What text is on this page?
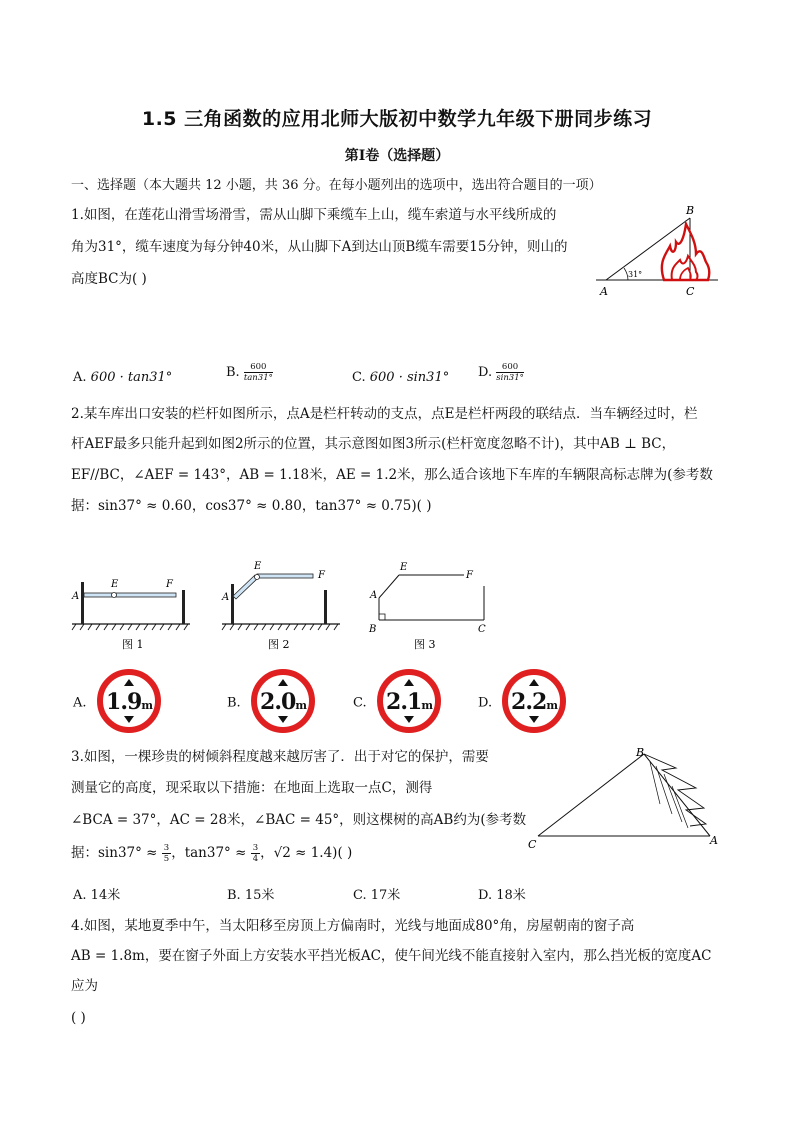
1.5 三角函数的应用北师大版初中数学九年级下册同步练习
第I卷（选择题）
一、选择题（本大题共 12 小题，共 36 分。在每小题列出的选项中，选出符合题目的一项）
1.如图，在莲花山滑雪场滑雪，需从山脚下乘缆车上山，缆车索道与水平线所成的
角为31°，缆车速度为每分钟40米，从山脚下A到达山顶B缆车需要15分钟，则山的
高度BC为( )	31°
B
A	C
A. 600 · tan31°	B. $\frac{600}{\tan 31^\circ}$	C. 600 · sin31° D. $\frac{600}{\sin 31^\circ}$
2.某车库出口安装的栏杆如图所示，点A是栏杆转动的支点，点E是栏杆两段的联结点．当车辆经过时，栏
杆AEF最多只能升起到如图2所示的位置，其示意图如图3所示(栏杆宽度忽略不计)，其中AB ⊥ BC，
EF//BC，∠AEF = 143°，AB = 1.18米，AE = 1.2米，那么适合该地下车库的车辆限高标志牌为(参考数
据：sin37° ≈ 0.60，cos37° ≈ 0.80，tan37° ≈ 0.75)( )
A
E	F
图 1
A
E
F
图 2
A
E
F
B	C
图 3
A. 1.9m	B. 2.0m	C. 2.1m	D. 2.2m
3.如图，一棵珍贵的树倾斜程度越来越厉害了．出于对它的保护，需要
测量它的高度，现采取以下措施：在地面上选取一点C，测得
∠BCA = 37°，AC = 28米，∠BAC = 45°，则这棵树的高AB约为(参考数
据：$\sin 37^\circ \approx \frac{3}{5}$ ，$\tan 37^\circ \approx \frac{3}{4}$ ，√2 ≈ 1.4)( )
B
C	A
A. 14米	B. 15米	C. 17米	D. 18米
4.如图，某地夏季中午，当太阳移至房顶上方偏南时，光线与地面成80°角，房屋朝南的窗子高
AB = 1.8m，要在窗子外面上方安装水平挡光板AC，使午间光线不能直接射入室内，那么挡光板的宽度AC
应为
( )
